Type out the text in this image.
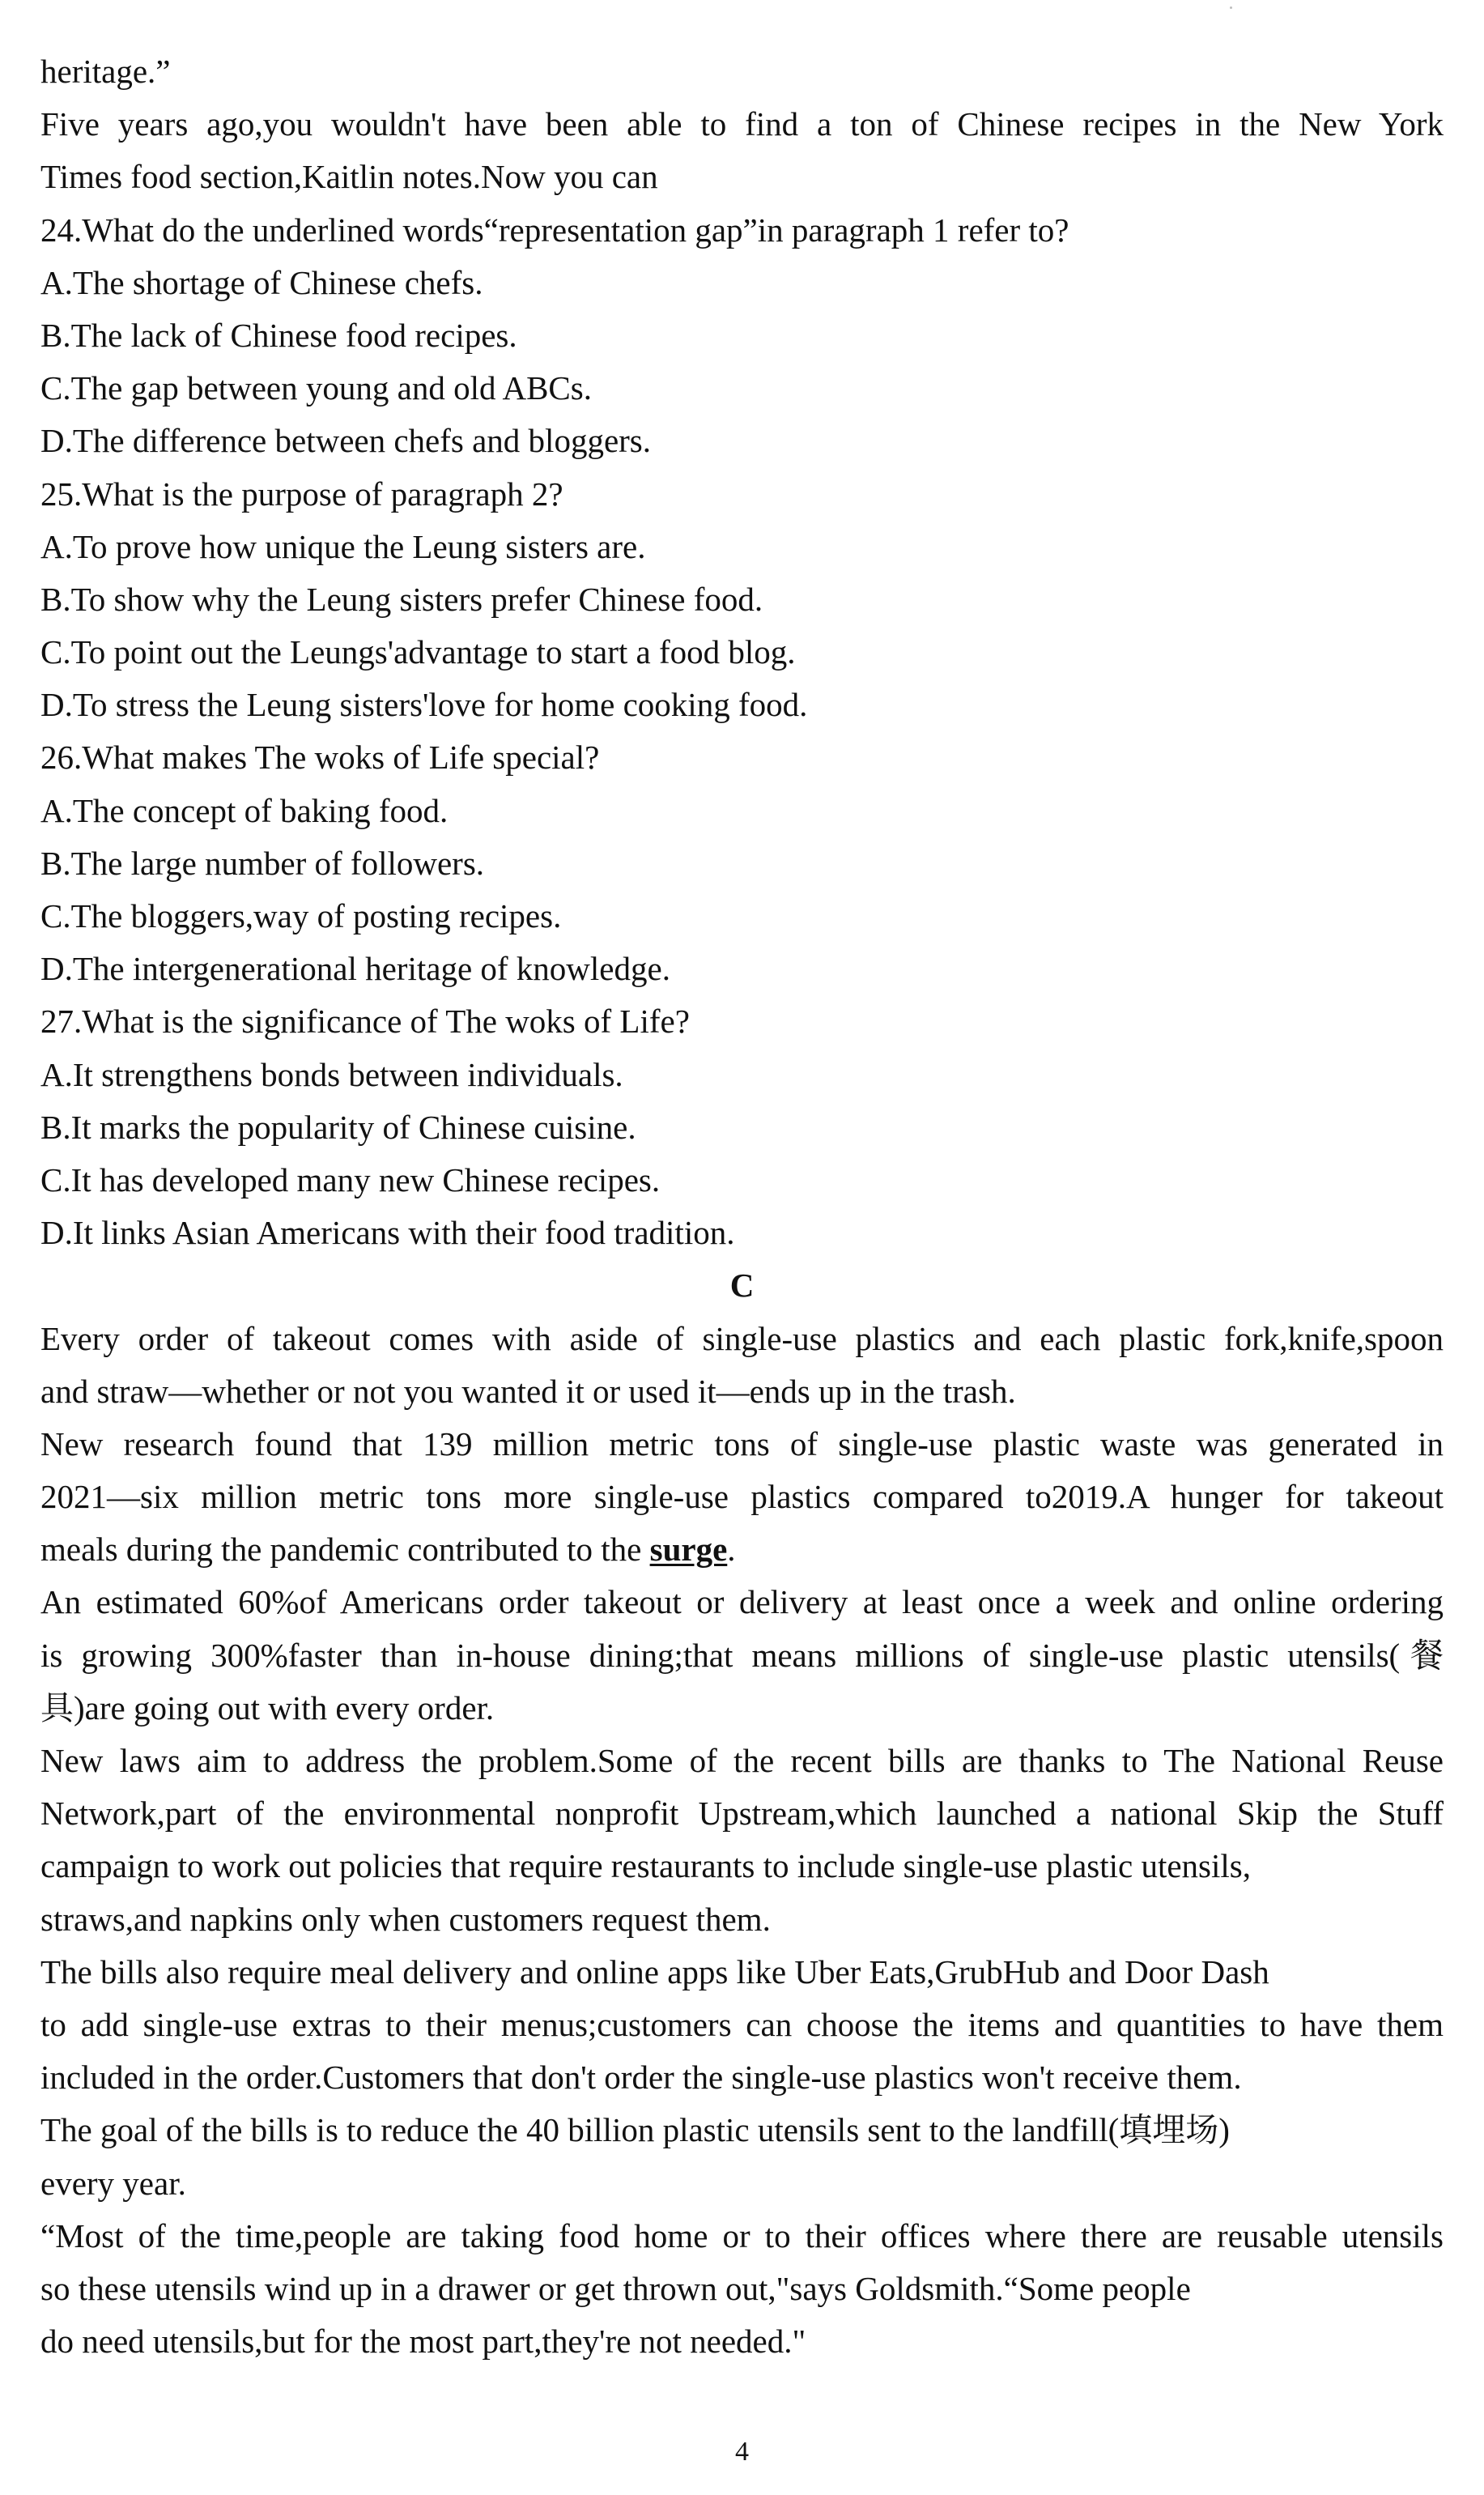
heritage.”
Five years ago,you wouldn't have been able to find a ton of Chinese recipes in the New York
Times food section,Kaitlin notes.Now you can
24.What do the underlined words“representation gap”in paragraph 1 refer to?
A.The shortage of Chinese chefs.
B.The lack of Chinese food recipes.
C.The gap between young and old ABCs.
D.The difference between chefs and bloggers.
25.What is the purpose of paragraph 2?
A.To prove how unique the Leung sisters are.
B.To show why the Leung sisters prefer Chinese food.
C.To point out the Leungs'advantage to start a food blog.
D.To stress the Leung sisters'love for home cooking food.
26.What makes The woks of Life special?
A.The concept of baking food.
B.The large number of followers.
C.The bloggers,way of posting recipes.
D.The intergenerational heritage of knowledge.
27.What is the significance of The woks of Life?
A.It strengthens bonds between individuals.
B.It marks the popularity of Chinese cuisine.
C.It has developed many new Chinese recipes.
D.It links Asian Americans with their food tradition.
C
Every order of takeout comes with aside of single-use plastics and each plastic fork,knife,spoon
and straw—whether or not you wanted it or used it—ends up in the trash.
New research found that 139 million metric tons of single-use plastic waste was generated in
2021—six million metric tons more single-use plastics compared to2019.A hunger for takeout
meals during the pandemic contributed to the surge.
An estimated 60%of Americans order takeout or delivery at least once a week and online ordering
is growing 300%faster than in-house dining;that means millions of single-use plastic utensils(餐
具)are going out with every order.
New laws aim to address the problem.Some of the recent bills are thanks to The National Reuse
Network,part of the environmental nonprofit Upstream,which launched a national Skip the Stuff
campaign to work out policies that require restaurants to include single-use plastic utensils,
straws,and napkins only when customers request them.
The bills also require meal delivery and online apps like Uber Eats,GrubHub and Door Dash
to add single-use extras to their menus;customers can choose the items and quantities to have them
included in the order.Customers that don't order the single-use plastics won't receive them.
The goal of the bills is to reduce the 40 billion plastic utensils sent to the landfill(填埋场)
every year.
“Most of the time,people are taking food home or to their offices where there are reusable utensils
so these utensils wind up in a drawer or get thrown out,"says Goldsmith.“Some people
do need utensils,but for the most part,they're not needed."
4
